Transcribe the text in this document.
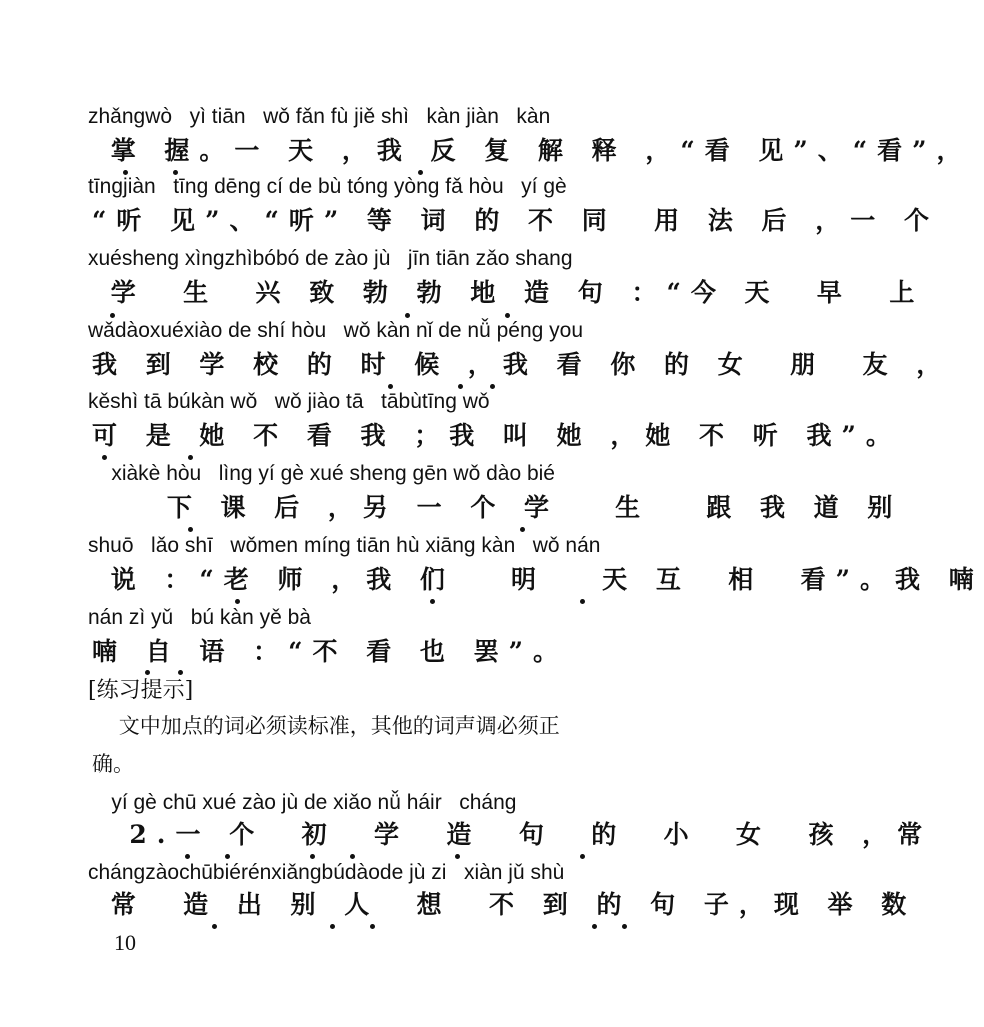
zhǎngwò   yì tiān   wǒ fǎn fù jiě shì   kàn jiàn   kàn
掌 握。一 天 ，我 反 复 解 释 ，“看 见”、“看”，
tīngjiàn   tīng dēng cí de bù tóng yòng fǎ hòu   yí gè
“听 见”、“听” 等 词 的 不 同  用 法 后 ，一 个
xuésheng xìngzhìbóbó de zào jù   jīn tiān zǎo shang
学  生  兴 致 勃 勃 地 造 句 ：“今 天  早  上
wǎdàoxuéxiào de shí hòu   wǒ kàn nǐ de nǚ péng you
我 到 学 校 的 时 候 ，我 看 你 的 女  朋  友 ，
kěshì tā búkàn wǒ   wǒ jiào tā   tābùtīng wǒ
可 是 她 不 看 我 ；我 叫 她 ，她 不 听 我”。
xiàkè hòu   lìng yí gè xué sheng gēn wǒ dào bié
下 课 后 ，另 一 个 学   生   跟 我 道 别
shuō   lǎo shī   wǒmen míng tiān hù xiāng kàn   wǒ nán
说 ：“老 师 ，我 们   明   天 互  相  看”。我 喃
nán zì yǔ   bú kàn yě bà
喃 自 语 ：“不 看 也 罢”。
[练习提示]
文中加点的词必须读标准，其他的词声调必须正
确。
yí gè chū xué zào jù de xiǎo nǚ háir   cháng
2.一 个  初  学  造  句  的  小  女  孩 ，常
chángzàochūbiérénxiǎngbúdàode jù zi   xiàn jǔ shù
常  造 出 别 人  想  不 到 的 句 子，现 举 数
10
